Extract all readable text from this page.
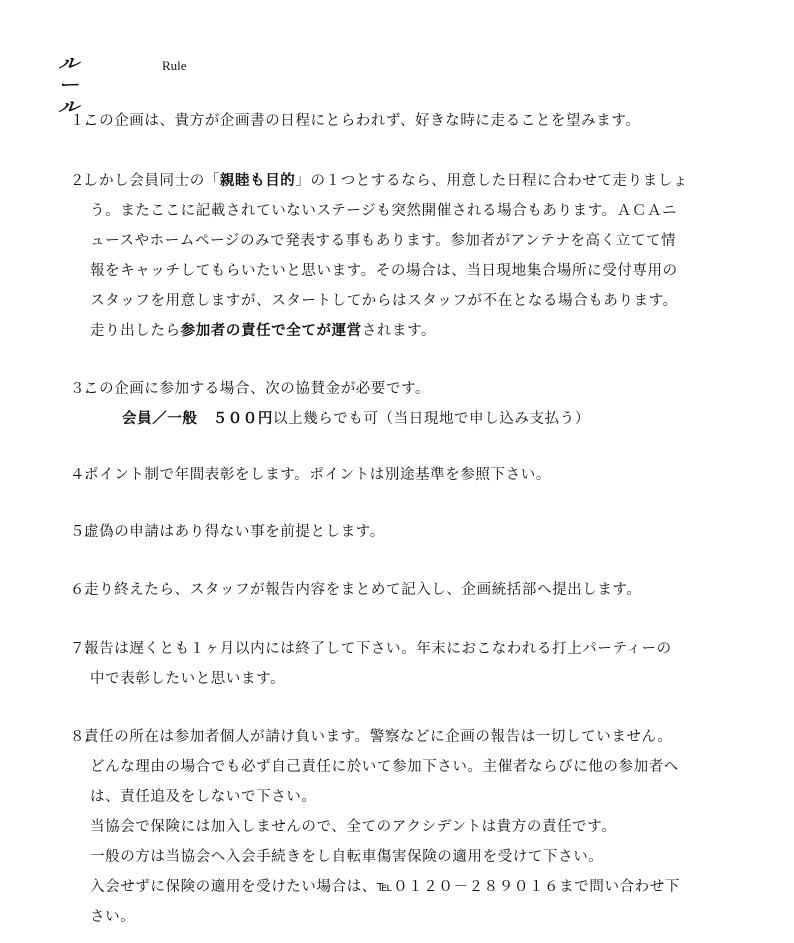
ルール
Rule
１.
この企画は、貴方が企画書の日程にとらわれず、好きな時に走ることを望みます。
２.
しかし会員同士の「親睦も目的」の１つとするなら、用意した日程に合わせて走りましょ
う。またここに記載されていないステージも突然開催される場合もあります。ＡＣＡニ
ュースやホームページのみで発表する事もあります。参加者がアンテナを高く立てて情
報をキャッチしてもらいたいと思います。その場合は、当日現地集合場所に受付専用の
スタッフを用意しますが、スタートしてからはスタッフが不在となる場合もあります。
走り出したら参加者の責任で全てが運営されます。
３.
この企画に参加する場合、次の協賛金が必要です。
会員／一般　５００円以上幾らでも可（当日現地で申し込み支払う）
４.
ポイント制で年間表彰をします。ポイントは別途基準を参照下さい。
５.
虚偽の申請はあり得ない事を前提とします。
６.
走り終えたら、スタッフが報告内容をまとめて記入し、企画統括部へ提出します。
７.
報告は遅くとも１ヶ月以内には終了して下さい。年末におこなわれる打上パーティーの
中で表彰したいと思います。
８.
責任の所在は参加者個人が請け負います。警察などに企画の報告は一切していません。
どんな理由の場合でも必ず自己責任に於いて参加下さい。主催者ならびに他の参加者へ
は、責任追及をしないで下さい。
当協会で保険には加入しませんので、全てのアクシデントは貴方の責任です。
一般の方は当協会へ入会手続きをし自転車傷害保険の適用を受けて下さい。
入会せずに保険の適用を受けたい場合は、℡０１２０－２８９０１６まで問い合わせ下
さい。
